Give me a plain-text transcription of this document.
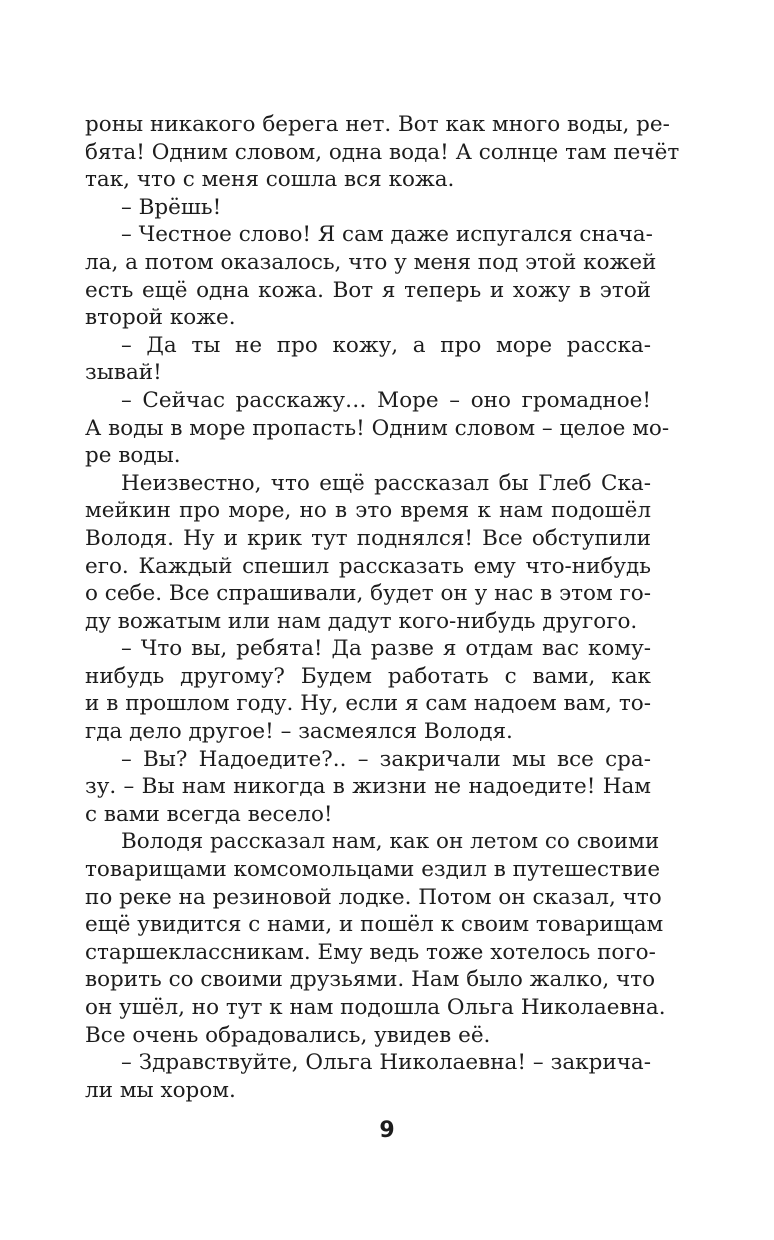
роны никакого берега нет. Вот как много воды, ре-
бята! Одним словом, одна вода! А солнце там печёт
так, что с меня сошла вся кожа.
– Врёшь!
– Честное слово! Я сам даже испугался снача-
ла, а потом оказалось, что у меня под этой кожей
есть ещё одна кожа. Вот я теперь и хожу в этой
второй коже.
– Да ты не про кожу, а про море расска-
зывай!
– Сейчас расскажу… Море – оно громадное!
А воды в море пропасть! Одним словом – целое мо-
ре воды.
Неизвестно, что ещё рассказал бы Глеб Ска-
мейкин про море, но в это время к нам подошёл
Володя. Ну и крик тут поднялся! Все обступили
его. Каждый спешил рассказать ему что-нибудь
о себе. Все спрашивали, будет он у нас в этом го-
ду вожатым или нам дадут кого-нибудь другого.
– Что вы, ребята! Да разве я отдам вас кому-
нибудь другому? Будем работать с вами, как
и в прошлом году. Ну, если я сам надоем вам, то-
гда дело другое! – засмеялся Володя.
– Вы? Надоедите?.. – закричали мы все сра-
зу. – Вы нам никогда в жизни не надоедите! Нам
с вами всегда весело!
Володя рассказал нам, как он летом со своими
товарищами комсомольцами ездил в путешествие
по реке на резиновой лодке. Потом он сказал, что
ещё увидится с нами, и пошёл к своим товарищам
старшеклассникам. Ему ведь тоже хотелось пого-
ворить со своими друзьями. Нам было жалко, что
он ушёл, но тут к нам подошла Ольга Николаевна.
Все очень обрадовались, увидев её.
– Здравствуйте, Ольга Николаевна! – закрича-
ли мы хором.
9
